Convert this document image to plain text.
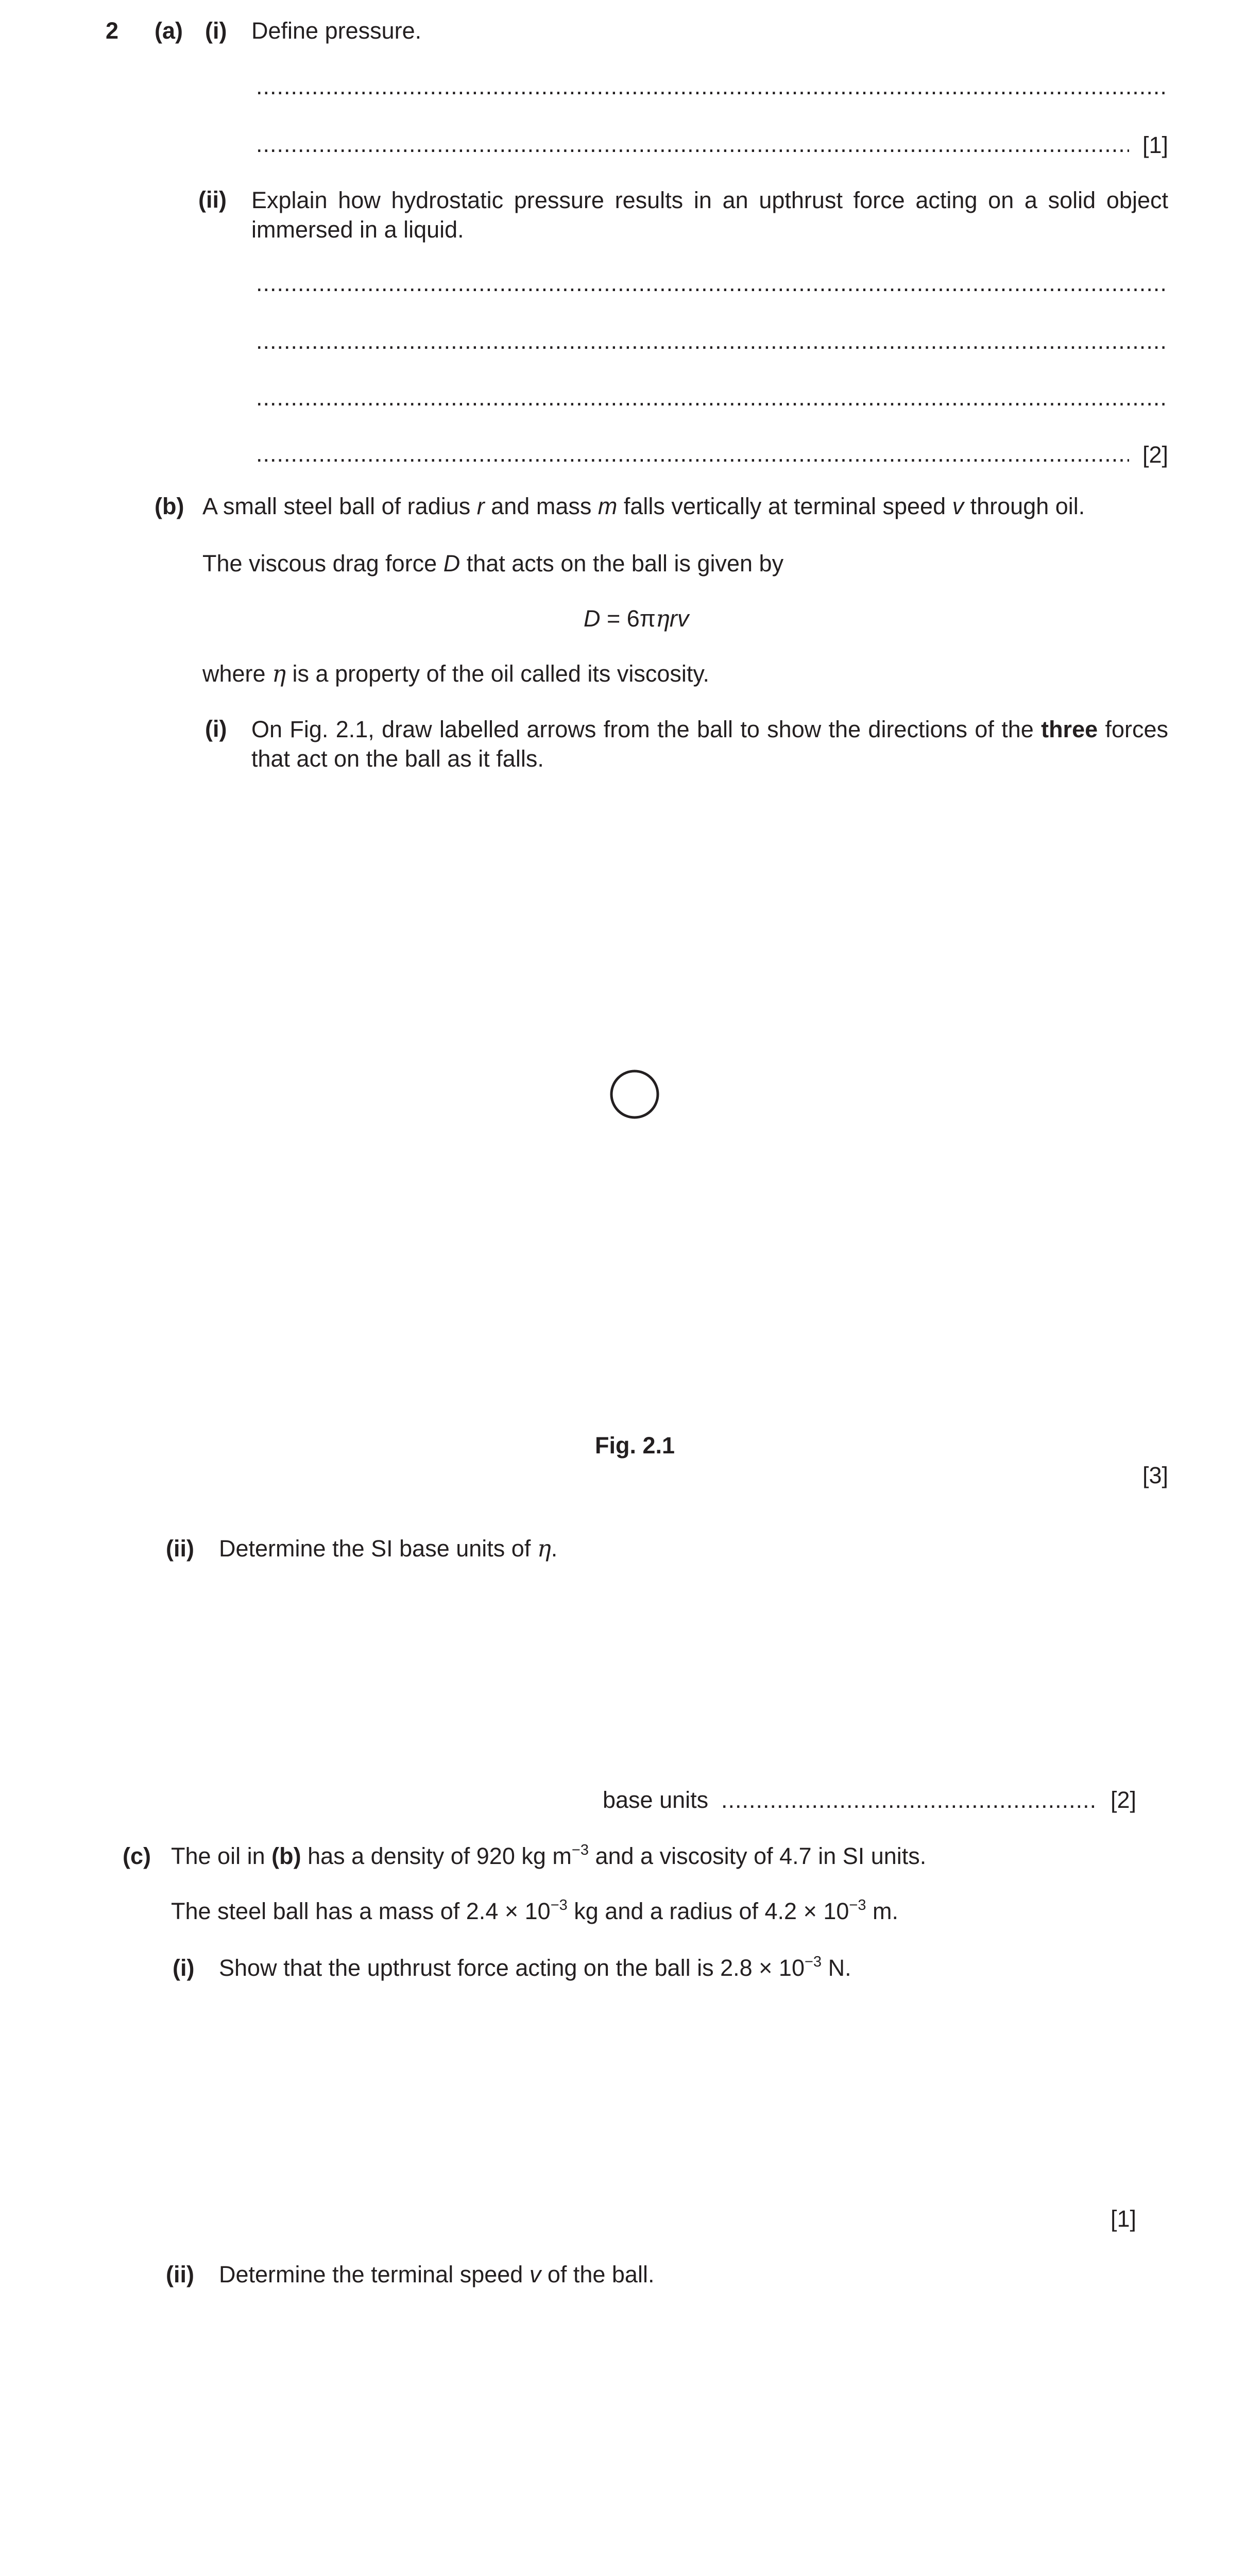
2 (a) (i) Define pressure.
.....
.....
[1]
(ii) Explain how hydrostatic pressure results in an upthrust force acting on a solid object immersed in a liquid.
.....
.....
.....
.....
[2]
(b) A small steel ball of radius r and mass m falls vertically at terminal speed v through oil.
The viscous drag force D that acts on the ball is given by
D = 6πηrv
where η is a property of the oil called its viscosity.
(i) On Fig. 2.1, draw labelled arrows from the ball to show the directions of the three forces that act on the ball as it falls.
Fig. 2.1
[3]
(ii) Determine the SI base units of η.
base units
.....	[2]
(c) The oil in (b) has a density of 920 kg $m^{-3}$ and a viscosity of 4.7 in SI units.
The steel ball has a mass of $2.4 \times 10^{-3}$ kg and a radius of $4.2 \times 10^{-3}$ m.
(i) Show that the upthrust force acting on the ball is $2.8 \times 10^{-3}$ N.
[1]
(ii) Determine the terminal speed v of the ball.
